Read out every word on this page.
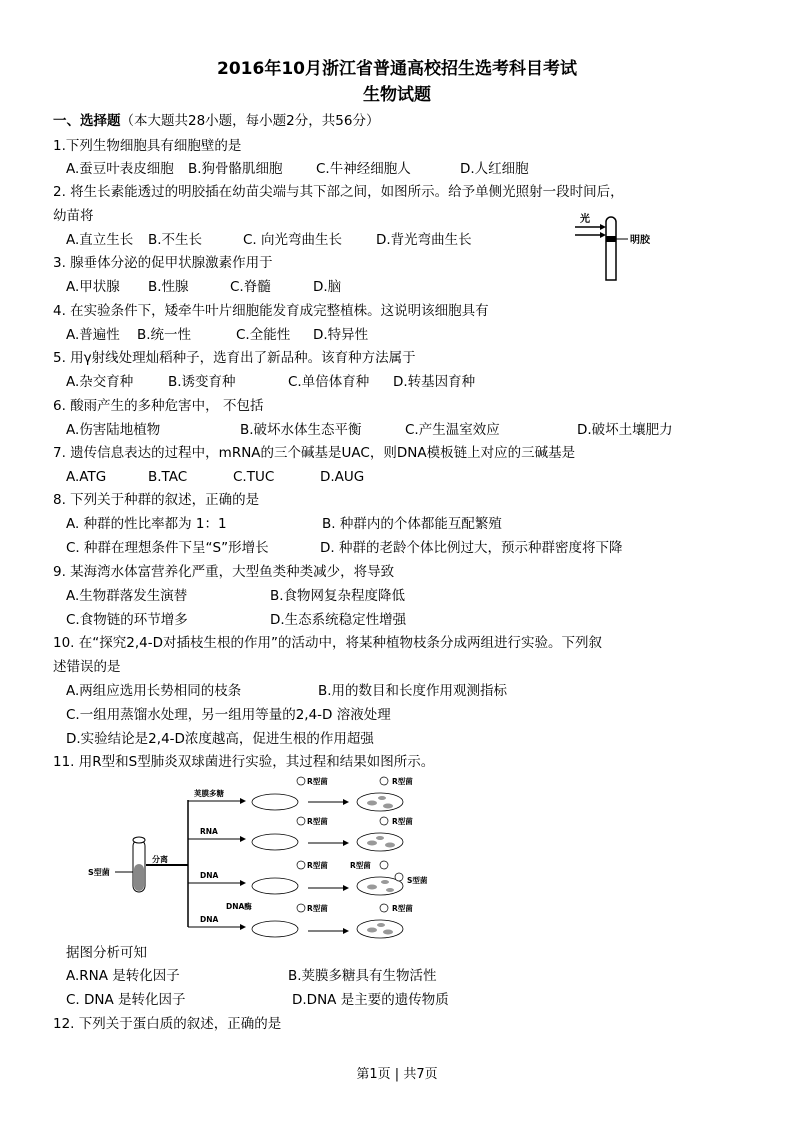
2016年10月浙江省普通高校招生选考科目考试
生物试题
一、选择题（本大题共28小题，每小题2分，共56分）
1.下列生物细胞具有细胞壁的是
A.蚕豆叶表皮细胞 B.狗骨骼肌细胞 C.牛神经细胞人	D.人红细胞
2. 将生长素能透过的明胶插在幼苗尖端与其下部之间，如图所示。给予单侧光照射一段时间后，
幼苗将
A.直立生长 B.不生长	C. 向光弯曲生长	D.背光弯曲生长
光
明胶
3. 腺垂体分泌的促甲状腺激素作用于
A.甲状腺 B.性腺	C.脊髓	D.脑
4. 在实验条件下，矮牵牛叶片细胞能发育成完整植株。这说明该细胞具有
A.普遍性 B.统一性	C.全能性 D.特异性
5. 用γ射线处理灿稻种子，选育出了新品种。该育种方法属于
A.杂交育种	B.诱变育种	C.单倍体育种 D.转基因育种
6. 酸雨产生的多种危害中， 不包括
A.伤害陆地植物	B.破坏水体生态平衡	C.产生温室效应	D.破坏土壤肥力
7. 遗传信息表达的过程中，mRNA的三个碱基是UAC，则DNA模板链上对应的三碱基是
A.ATG	B.TAC	C.TUC	D.AUG
8. 下列关于种群的叙述，正确的是
A. 种群的性比率都为 1：1	B. 种群内的个体都能互配繁殖
C. 种群在理想条件下呈“S”形增长	D. 种群的老龄个体比例过大，预示种群密度将下降
9. 某海湾水体富营养化严重，大型鱼类种类减少，将导致
A.生物群落发生演替	B.食物网复杂程度降低
C.食物链的环节增多	D.生态系统稳定性增强
10. 在“探究2,4-D对插枝生根的作用”的活动中，将某种植物枝条分成两组进行实验。下列叙
述错误的是
A.两组应选用长势相同的枝条	B.用的数目和长度作用观测指标
C.一组用蒸馏水处理，另一组用等量的2,4-D 溶液处理
D.实验结论是2,4-D浓度越高，促进生根的作用超强
11. 用R型和S型肺炎双球菌进行实验，其过程和结果如图所示。
S型菌
分离
荚膜多糖
RNA
DNA
DNA
DNA酶
R型菌
R型菌
R型菌
R型菌
R型菌
R型菌
R型菌
S型菌
R型菌
据图分析可知
A.RNA 是转化因子	B.荚膜多糖具有生物活性
C. DNA 是转化因子	D.DNA 是主要的遗传物质
12. 下列关于蛋白质的叙述，正确的是
第1页 | 共7页
